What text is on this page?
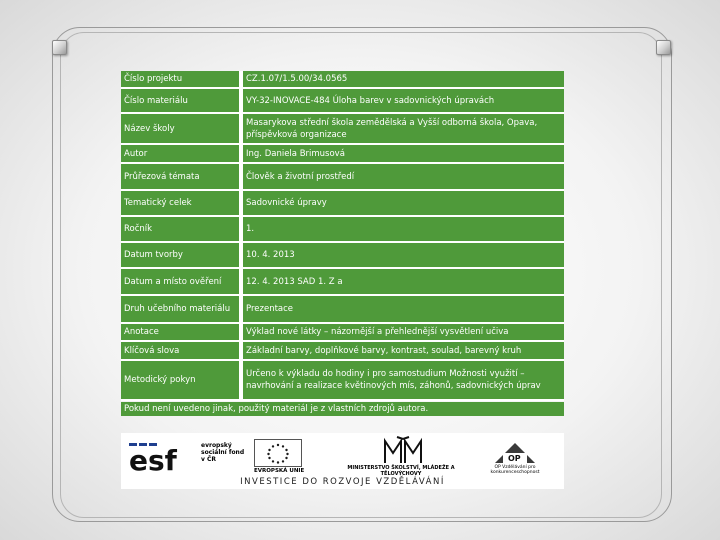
Číslo projektu	CZ.1.07/1.5.00/34.0565
Číslo materiálu	VY-32-INOVACE-484 Úloha barev v sadovnických úpravách
Název školy	Masarykova střední škola zemědělská a Vyšší odborná škola, Opava, příspěvková organizace
Autor	Ing. Daniela Brimusová
Průřezová témata	Člověk a životní prostředí
Tematický celek	Sadovnické úpravy
Ročník	1.
Datum tvorby	10. 4. 2013
Datum a místo ověření	12. 4. 2013 SAD 1. Z a
Druh učebního materiálu	Prezentace
Anotace	Výklad nové látky – názornější a přehlednější vysvětlení učiva
Klíčová slova	Základní barvy, doplňkové barvy, kontrast, soulad, barevný kruh
Metodický pokyn	Určeno k výkladu do hodiny i pro samostudium Možnosti využití – navrhování a realizace květinových mís, záhonů, sadovnických úprav
Pokud není uvedeno jinak, použitý materiál je z vlastních zdrojů autora.
esf	evropský sociální fond v ČR
EVROPSKÁ UNIE	MINISTERSTVO ŠKOLSTVÍ, MLÁDEŽE A TĚLOVÝCHOVY
OP
OP Vzdělávání pro konkurenceschopnost
INVESTICE DO ROZVOJE VZDĚLÁVÁNÍ
